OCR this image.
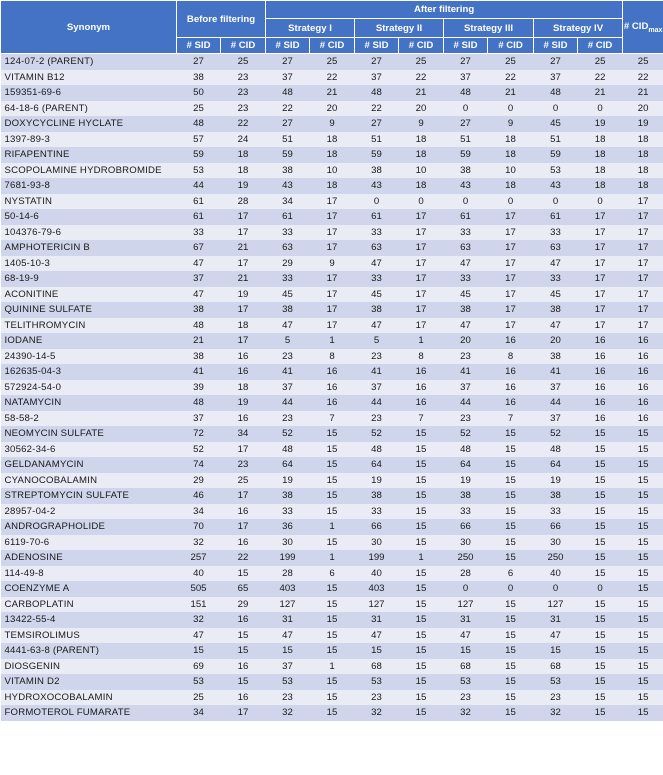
Synonym	Before filtering		After filtering								# $CID_{max}$
			Strategy I		Strategy II		Strategy III		Strategy IV		
	# SID	# CID	# SID	# CID	# SID	# CID	# SID	# CID	# SID	# CID	
124-07-2 (PARENT)	27	25	27	25	27	25	27	25	27	25	25
VITAMIN B12	38	23	37	22	37	22	37	22	37	22	22
159351-69-6	50	23	48	21	48	21	48	21	48	21	21
64-18-6 (PARENT)	25	23	22	20	22	20	0	0	0	0	20
DOXYCYCLINE HYCLATE	48	22	27	9	27	9	27	9	45	19	19
1397-89-3	57	24	51	18	51	18	51	18	51	18	18
RIFAPENTINE	59	18	59	18	59	18	59	18	59	18	18
SCOPOLAMINE HYDROBROMIDE	53	18	38	10	38	10	38	10	53	18	18
7681-93-8	44	19	43	18	43	18	43	18	43	18	18
NYSTATIN	61	28	34	17	0	0	0	0	0	0	17
50-14-6	61	17	61	17	61	17	61	17	61	17	17
104376-79-6	33	17	33	17	33	17	33	17	33	17	17
AMPHOTERICIN B	67	21	63	17	63	17	63	17	63	17	17
1405-10-3	47	17	29	9	47	17	47	17	47	17	17
68-19-9	37	21	33	17	33	17	33	17	33	17	17
ACONITINE	47	19	45	17	45	17	45	17	45	17	17
QUININE SULFATE	38	17	38	17	38	17	38	17	38	17	17
TELITHROMYCIN	48	18	47	17	47	17	47	17	47	17	17
IODANE	21	17	5	1	5	1	20	16	20	16	16
24390-14-5	38	16	23	8	23	8	23	8	38	16	16
162635-04-3	41	16	41	16	41	16	41	16	41	16	16
572924-54-0	39	18	37	16	37	16	37	16	37	16	16
NATAMYCIN	48	19	44	16	44	16	44	16	44	16	16
58-58-2	37	16	23	7	23	7	23	7	37	16	16
NEOMYCIN SULFATE	72	34	52	15	52	15	52	15	52	15	15
30562-34-6	52	17	48	15	48	15	48	15	48	15	15
GELDANAMYCIN	74	23	64	15	64	15	64	15	64	15	15
CYANOCOBALAMIN	29	25	19	15	19	15	19	15	19	15	15
STREPTOMYCIN SULFATE	46	17	38	15	38	15	38	15	38	15	15
28957-04-2	34	16	33	15	33	15	33	15	33	15	15
ANDROGRAPHOLIDE	70	17	36	1	66	15	66	15	66	15	15
6119-70-6	32	16	30	15	30	15	30	15	30	15	15
ADENOSINE	257	22	199	1	199	1	250	15	250	15	15
114-49-8	40	15	28	6	40	15	28	6	40	15	15
COENZYME A	505	65	403	15	403	15	0	0	0	0	15
CARBOPLATIN	151	29	127	15	127	15	127	15	127	15	15
13422-55-4	32	16	31	15	31	15	31	15	31	15	15
TEMSIROLIMUS	47	15	47	15	47	15	47	15	47	15	15
4441-63-8 (PARENT)	15	15	15	15	15	15	15	15	15	15	15
DIOSGENIN	69	16	37	1	68	15	68	15	68	15	15
VITAMIN D2	53	15	53	15	53	15	53	15	53	15	15
HYDROXOCOBALAMIN	25	16	23	15	23	15	23	15	23	15	15
FORMOTEROL FUMARATE	34	17	32	15	32	15	32	15	32	15	15
